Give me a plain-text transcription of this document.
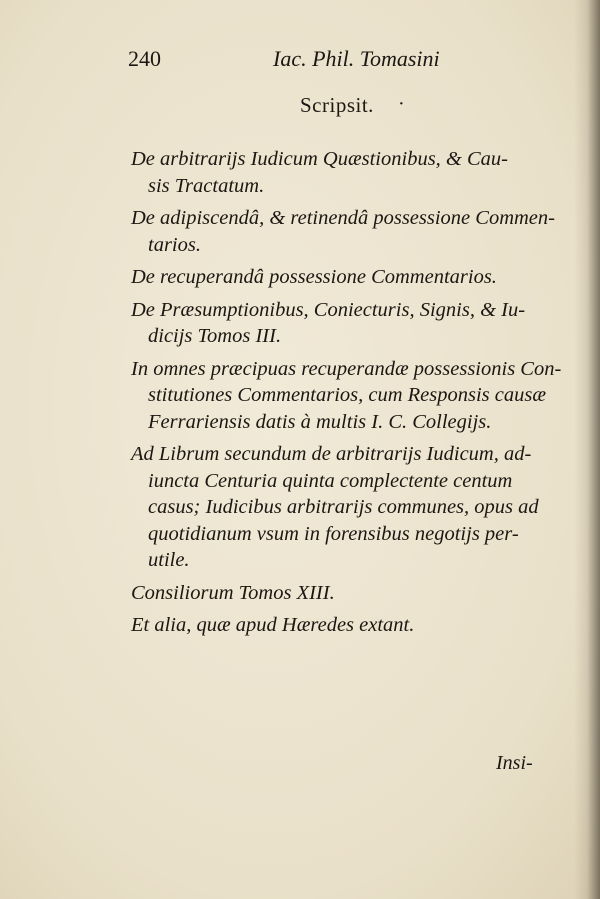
240	Iac. Phil. Tomasini
Scripsit. ·
De arbitrarijs Iudicum Quæstionibus, & Cau-
sis Tractatum.
De adipiscendâ, & retinendâ possessione Commen-
tarios.
De recuperandâ possessione Commentarios.
De Præsumptionibus, Coniecturis, Signis, & Iu-
dicijs Tomos III.
In omnes præcipuas recuperandæ possessionis Con-
stitutiones Commentarios, cum Responsis causæ
Ferrariensis datis à multis I. C. Collegijs.
Ad Librum secundum de arbitrarijs Iudicum, ad-
iuncta Centuria quinta complectente centum
casus; Iudicibus arbitrarijs communes, opus ad
quotidianum vsum in forensibus negotijs per-
utile.
Consiliorum Tomos XIII.
Et alia, quæ apud Hæredes extant.
Insi-
